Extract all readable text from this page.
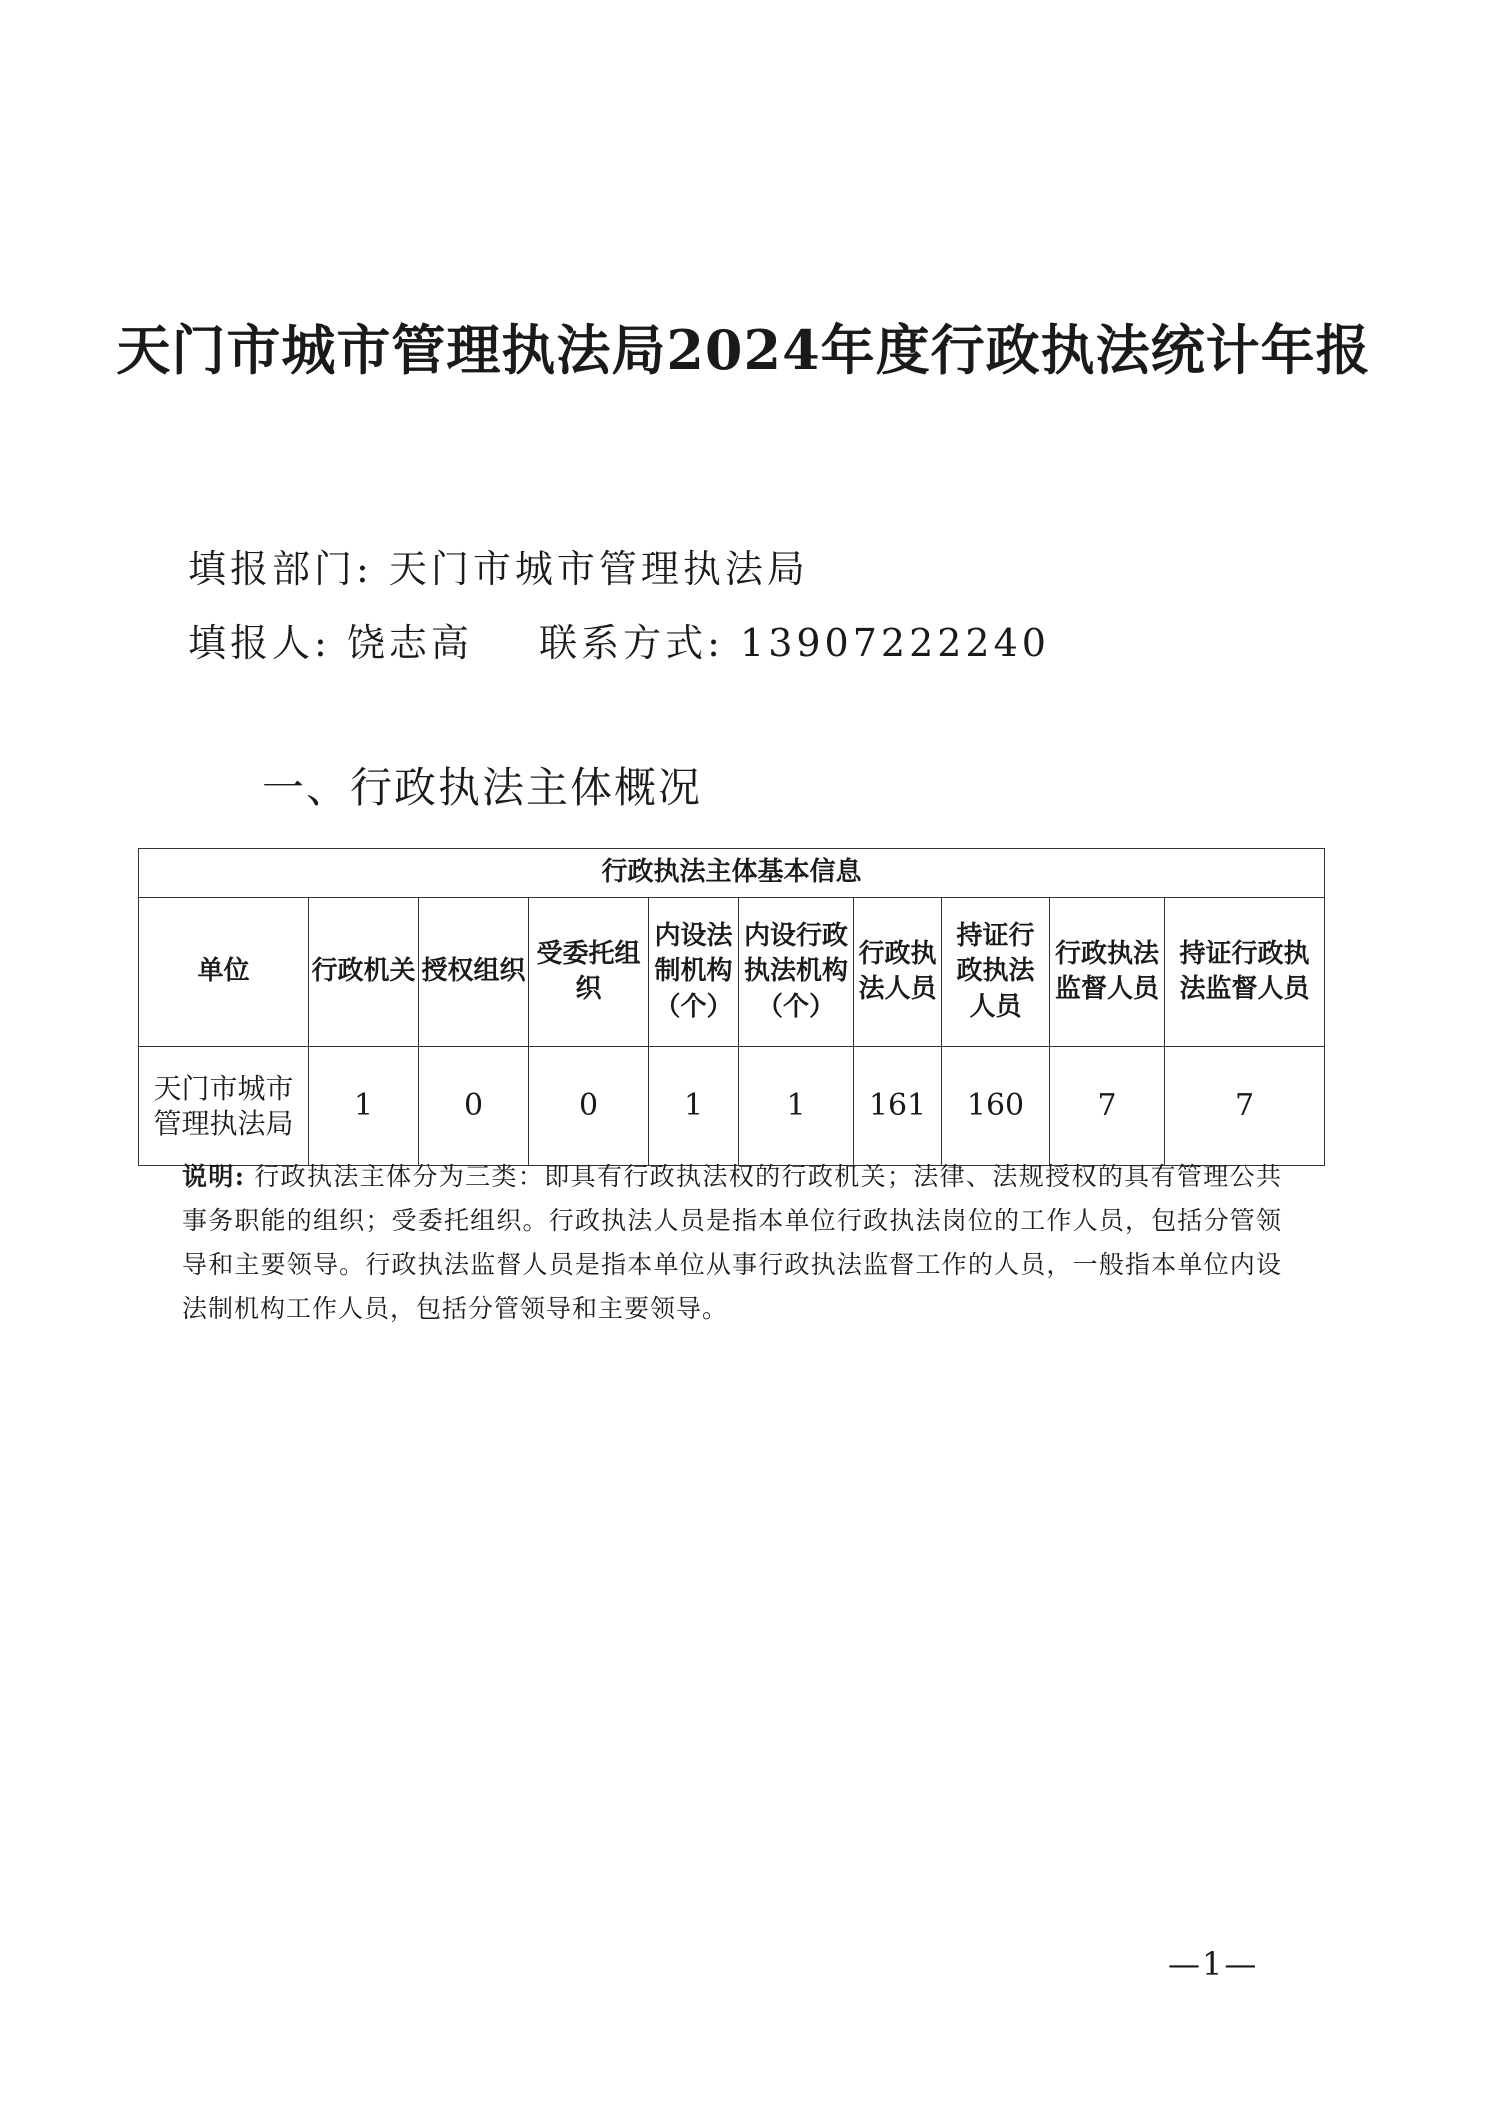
天门市城市管理执法局2024年度行政执法统计年报
填报部门: 天门市城市管理执法局
填报人: 饶志高 联系方式: 13907222240
一、行政执法主体概况
行政执法主体基本信息									
单位	行政机关	授权组织	受委托组织	内设法制机构（个）	内设行政执法机构（个）	行政执法人员	持证行政执法人员	行政执法监督人员	持证行政执法监督人员
天门市城市管理执法局	1	0	0	1	1	161	160	7	7
说明: 行政执法主体分为三类：即具有行政执法权的行政机关；法律、法规授权的具有管理公共事务职能的组织；受委托组织。行政执法人员是指本单位行政执法岗位的工作人员，包括分管领导和主要领导。行政执法监督人员是指本单位从事行政执法监督工作的人员，一般指本单位内设法制机构工作人员，包括分管领导和主要领导。
—1—
